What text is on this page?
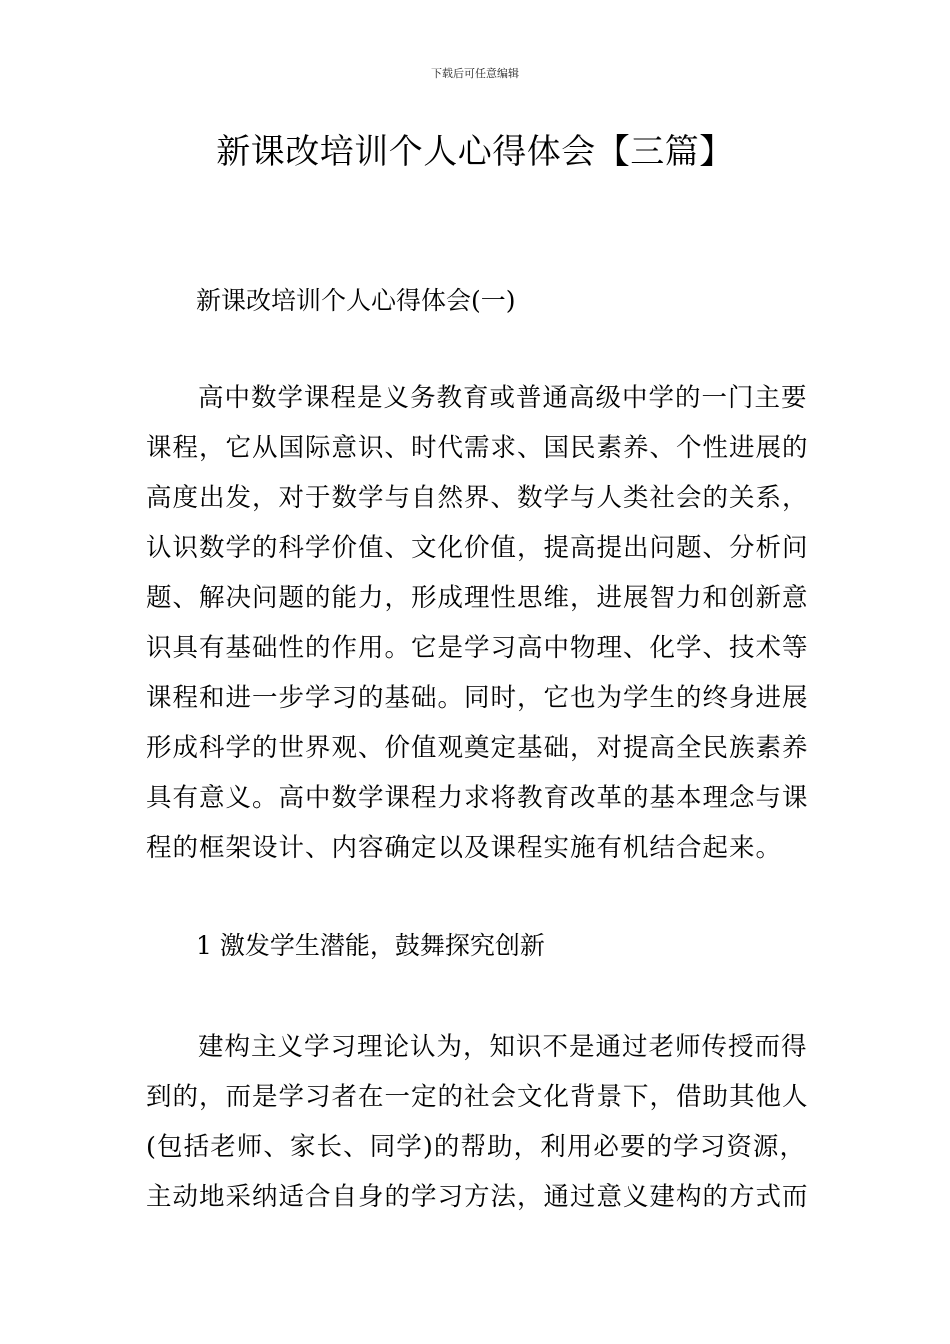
下载后可任意编辑
新课改培训个人心得体会【三篇】
新课改培训个人心得体会(一)
高中数学课程是义务教育或普通高级中学的一门主要
课程，它从国际意识、时代需求、国民素养、个性进展的
高度出发，对于数学与自然界、数学与人类社会的关系，
认识数学的科学价值、文化价值，提高提出问题、分析问
题、解决问题的能力，形成理性思维，进展智力和创新意
识具有基础性的作用。它是学习高中物理、化学、技术等
课程和进一步学习的基础。同时，它也为学生的终身进展
形成科学的世界观、价值观奠定基础，对提高全民族素养
具有意义。高中数学课程力求将教育改革的基本理念与课
程的框架设计、内容确定以及课程实施有机结合起来。
1 激发学生潜能，鼓舞探究创新
建构主义学习理论认为，知识不是通过老师传授而得
到的，而是学习者在一定的社会文化背景下，借助其他人
(包括老师、家长、同学)的帮助，利用必要的学习资源，
主动地采纳适合自身的学习方法，通过意义建构的方式而
